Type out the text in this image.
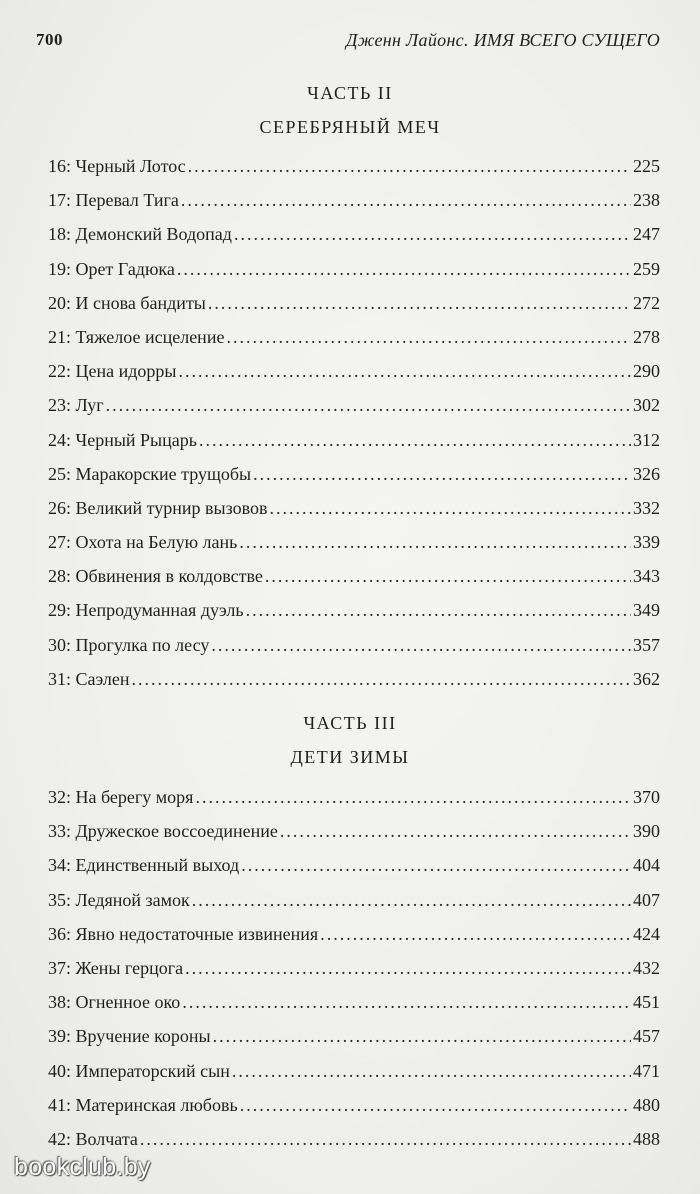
700	Дженн Лайонс. ИМЯ ВСЕГО СУЩЕГО
ЧАСТЬ II
СЕРЕБРЯНЫЙ МЕЧ
16: Черный Лотос .....	225
17: Перевал Тига .....	238
18: Демонский Водопад .....	247
19: Орет Гадюка .....	259
20: И снова бандиты .....	272
21: Тяжелое исцеление .....	278
22: Цена идорры .....	290
23: Луг .....	302
24: Черный Рыцарь .....	312
25: Маракорские трущобы .....	326
26: Великий турнир вызовов .....	332
27: Охота на Белую лань .....	339
28: Обвинения в колдовстве .....	343
29: Непродуманная дуэль .....	349
30: Прогулка по лесу .....	357
31: Саэлен .....	362
ЧАСТЬ III
ДЕТИ ЗИМЫ
32: На берегу моря .....	370
33: Дружеское воссоединение .....	390
34: Единственный выход .....	404
35: Ледяной замок .....	407
36: Явно недостаточные извинения .....	424
37: Жены герцога .....	432
38: Огненное око .....	451
39: Вручение короны .....	457
40: Императорский сын .....	471
41: Материнская любовь .....	480
42: Волчата .....	488
bookclub.by
